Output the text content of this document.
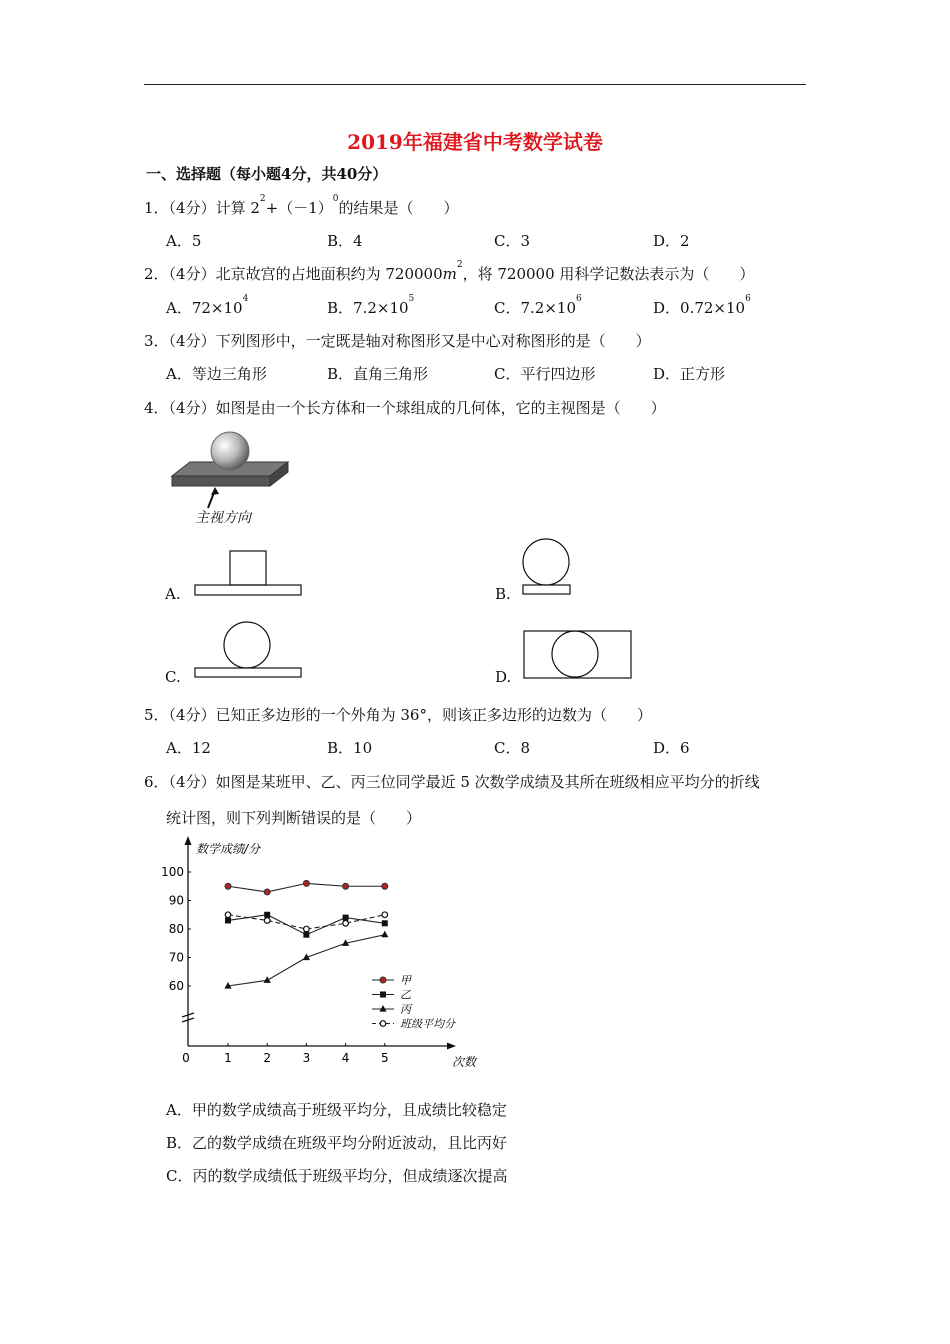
2019年福建省中考数学试卷
一、选择题（每小题4分，共40分）
1．（4分）计算 $2^2+(-1)^0$的结果是（　　）
A．5	B．4	C．3	D．2
2．（4分）北京故宫的占地面积约为 $720000m^2$，将 720000 用科学记数法表示为（　　）
A．$72\times 10^4$	B．$7.2\times 10^5$	C．$7.2\times 10^6$	D．$0.72\times 10^6$
3．（4分）下列图形中，一定既是轴对称图形又是中心对称图形的是（　　）
A．等边三角形	B．直角三角形	C．平行四边形	D．正方形
4．（4分）如图是由一个长方体和一个球组成的几何体，它的主视图是（　　）
主视方向
A.	B.
C.	D.
5．（4分）已知正多边形的一个外角为 36°，则该正多边形的边数为（　　）
A．12	B．10	C．8	D．6
6．（4分）如图是某班甲、乙、丙三位同学最近 5 次数学成绩及其所在班级相应平均分的折线
统计图，则下列判断错误的是（　　）
数学成绩/分
次数
60
70
80
90
100
0	1	2	3	4	5
甲
乙
丙
班级平均分
A．甲的数学成绩高于班级平均分，且成绩比较稳定
B．乙的数学成绩在班级平均分附近波动，且比丙好
C．丙的数学成绩低于班级平均分，但成绩逐次提高
